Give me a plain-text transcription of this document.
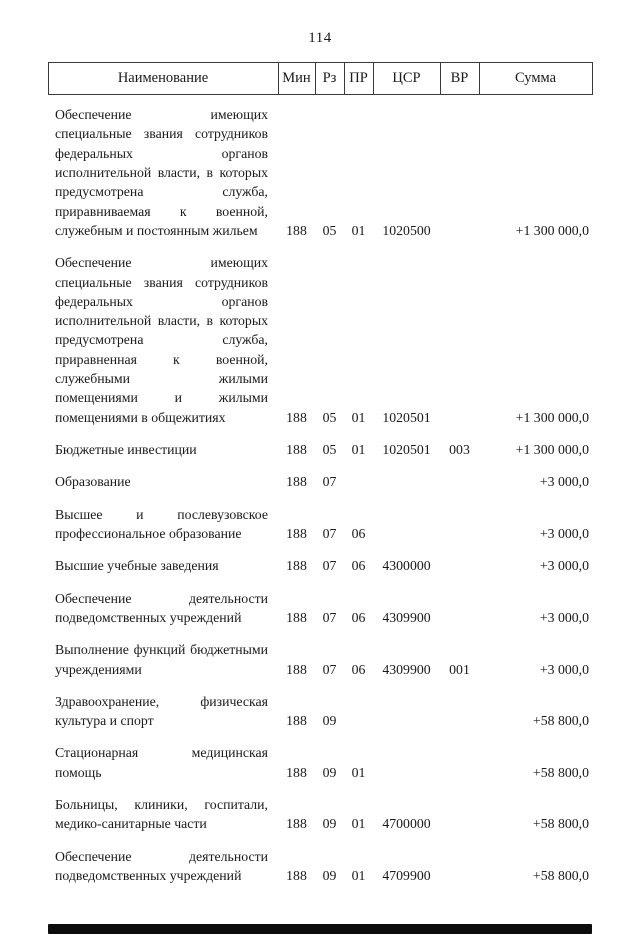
114
Наименование	Мин	Рз	ПР	ЦСР	ВР	Сумма
Обеспечение имеющих специальные звания сотрудников федеральных органов исполнительной власти, в которых предусмотрена служба, приравниваемая к военной, служебным и постоянным жильем	188	05	01	1020500		+1 300 000,0
Обеспечение имеющих специальные звания сотрудников федеральных органов исполнительной власти, в которых предусмотрена служба, приравненная к военной, служебными жилыми помещениями и жилыми помещениями в общежитиях	188	05	01	1020501		+1 300 000,0
Бюджетные инвестиции	188	05	01	1020501	003	+1 300 000,0
Образование	188	07				+3 000,0
Высшее и послевузовское профессиональное образование	188	07	06			+3 000,0
Высшие учебные заведения	188	07	06	4300000		+3 000,0
Обеспечение деятельности подведомственных учреждений	188	07	06	4309900		+3 000,0
Выполнение функций бюджетными учреждениями	188	07	06	4309900	001	+3 000,0
Здравоохранение, физическая культура и спорт	188	09				+58 800,0
Стационарная медицинская помощь	188	09	01			+58 800,0
Больницы, клиники, госпитали, медико-санитарные части	188	09	01	4700000		+58 800,0
Обеспечение деятельности подведомственных учреждений	188	09	01	4709900		+58 800,0
